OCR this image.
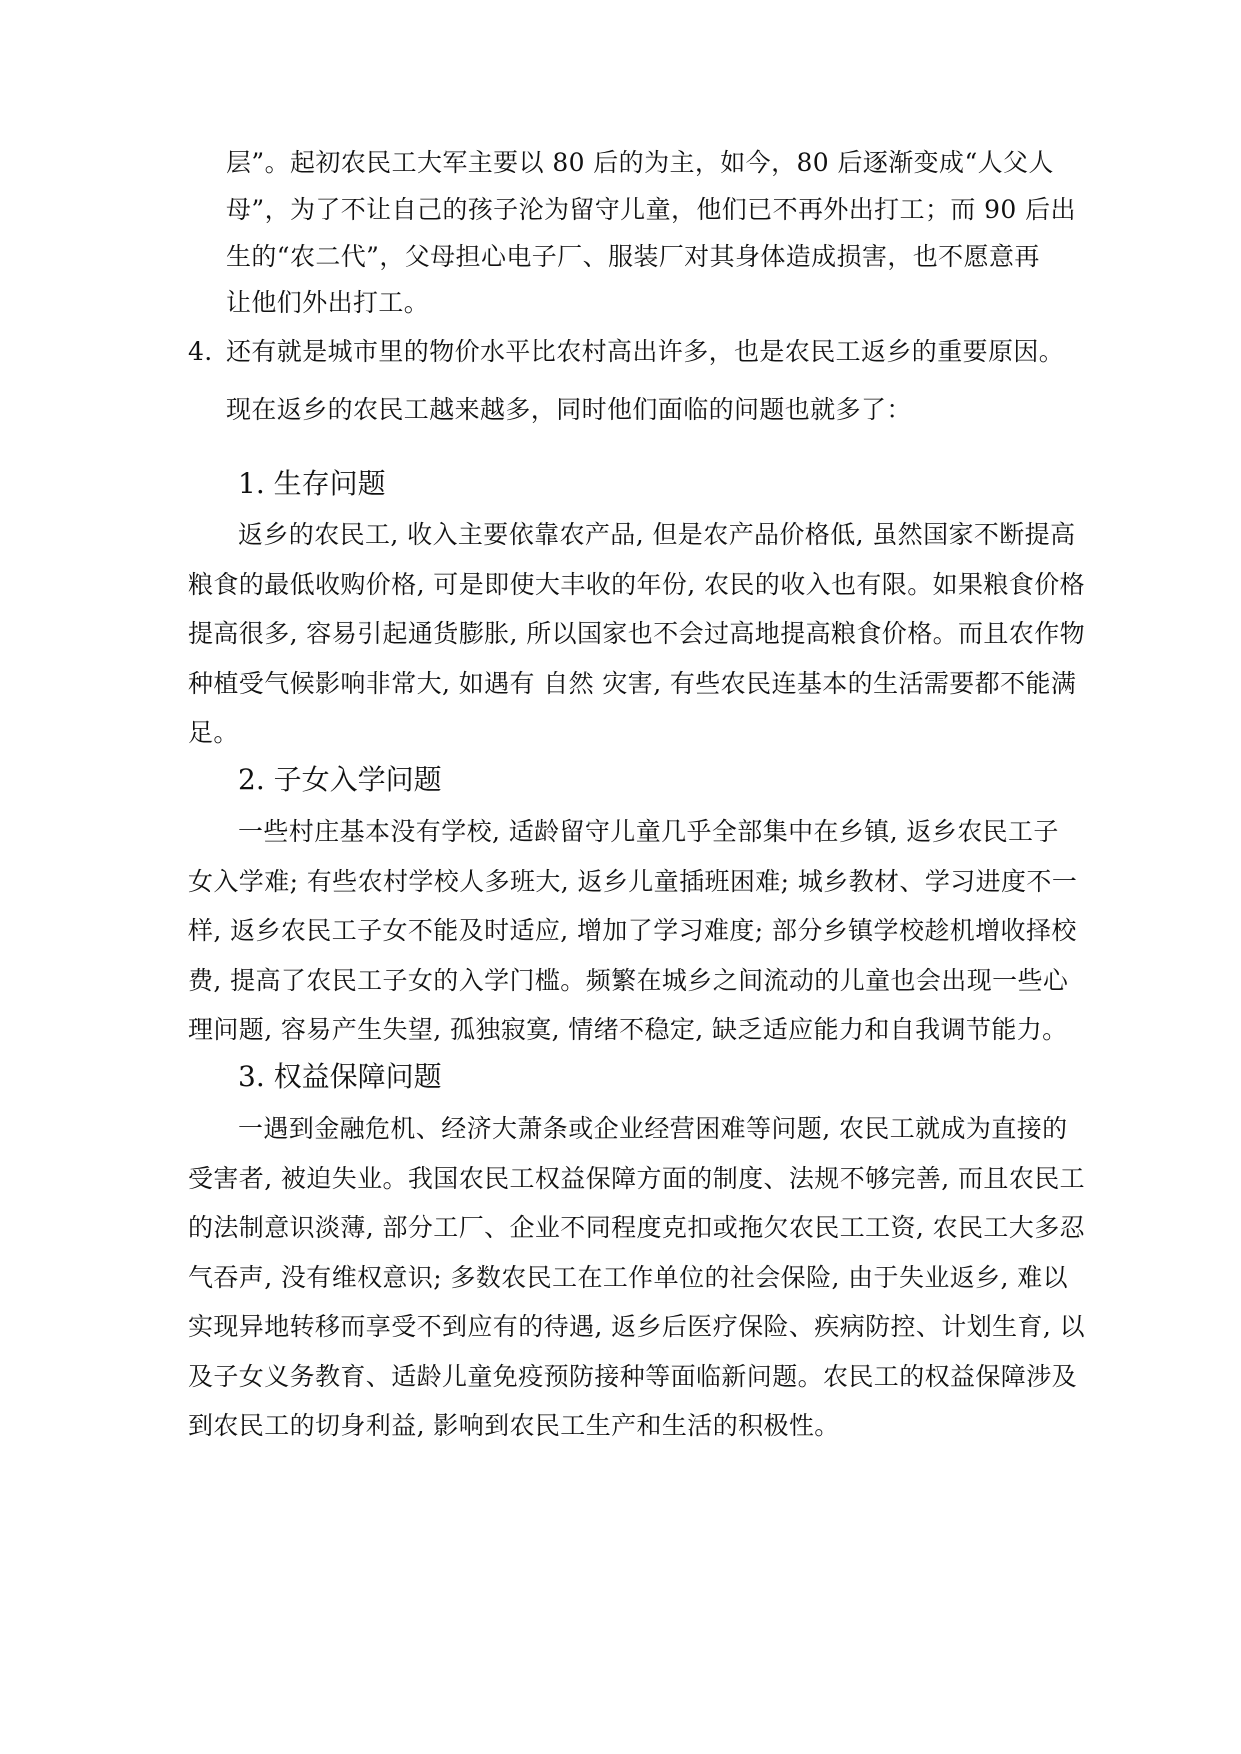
层”。起初农民工大军主要以 80 后的为主，如今，80 后逐渐变成“人父人
母”，为了不让自己的孩子沦为留守儿童，他们已不再外出打工；而 90 后出
生的“农二代”，父母担心电子厂、服装厂对其身体造成损害，也不愿意再
让他们外出打工。
4. 还有就是城市里的物价水平比农村高出许多，也是农民工返乡的重要原因。
现在返乡的农民工越来越多，同时他们面临的问题也就多了：
1. 生存问题
返乡的农民工, 收入主要依靠农产品, 但是农产品价格低, 虽然国家不断提高
粮食的最低收购价格, 可是即使大丰收的年份, 农民的收入也有限。如果粮食价格
提高很多, 容易引起通货膨胀, 所以国家也不会过高地提高粮食价格。而且农作物
种植受气候影响非常大, 如遇有 自然 灾害, 有些农民连基本的生活需要都不能满
足。
2. 子女入学问题
一些村庄基本没有学校, 适龄留守儿童几乎全部集中在乡镇, 返乡农民工子
女入学难; 有些农村学校人多班大, 返乡儿童插班困难; 城乡教材、学习进度不一
样, 返乡农民工子女不能及时适应, 增加了学习难度; 部分乡镇学校趁机增收择校
费, 提高了农民工子女的入学门槛。频繁在城乡之间流动的儿童也会出现一些心
理问题, 容易产生失望, 孤独寂寞, 情绪不稳定, 缺乏适应能力和自我调节能力。
3. 权益保障问题
一遇到金融危机、经济大萧条或企业经营困难等问题, 农民工就成为直接的
受害者, 被迫失业。我国农民工权益保障方面的制度、法规不够完善, 而且农民工
的法制意识淡薄, 部分工厂、企业不同程度克扣或拖欠农民工工资, 农民工大多忍
气吞声, 没有维权意识; 多数农民工在工作单位的社会保险, 由于失业返乡, 难以
实现异地转移而享受不到应有的待遇, 返乡后医疗保险、疾病防控、计划生育, 以
及子女义务教育、适龄儿童免疫预防接种等面临新问题。农民工的权益保障涉及
到农民工的切身利益, 影响到农民工生产和生活的积极性。
